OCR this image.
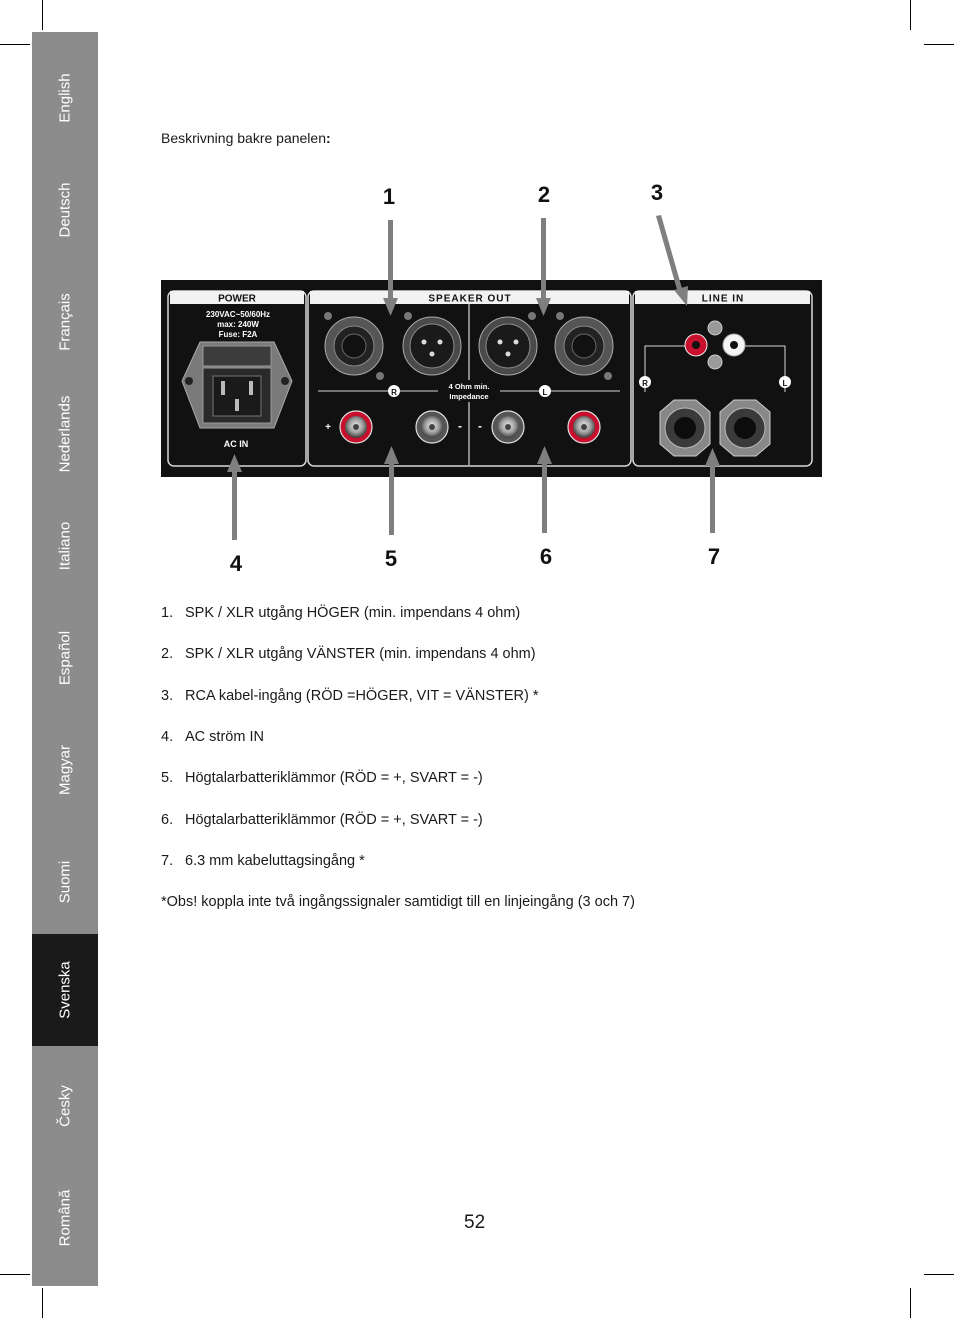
English
Deutsch
Français
Nederlands
Italiano
Español
Magyar
Suomi
Svenska
Česky
Română
Beskrivning bakre panelen:
POWER	SPEAKER OUT	LINE IN
230VAC~50/60Hz
max: 240W
Fuse: F2A
AC IN
R	L
4 Ohm min.
Impedance
+	- -
R	L
1	2	3
4	5	6	7
1. SPK / XLR utgång HÖGER (min. impendans 4 ohm)
2. SPK / XLR utgång VÄNSTER (min. impendans 4 ohm)
3. RCA kabel-ingång (RÖD =HÖGER, VIT = VÄNSTER) *
4. AC ström IN
5. Högtalarbatteriklämmor (RÖD = +, SVART = -)
6. Högtalarbatteriklämmor (RÖD = +, SVART = -)
7. 6.3 mm kabeluttagsingång *
*Obs! koppla inte två ingångssignaler samtidigt till en linjeingång (3 och 7)
52
